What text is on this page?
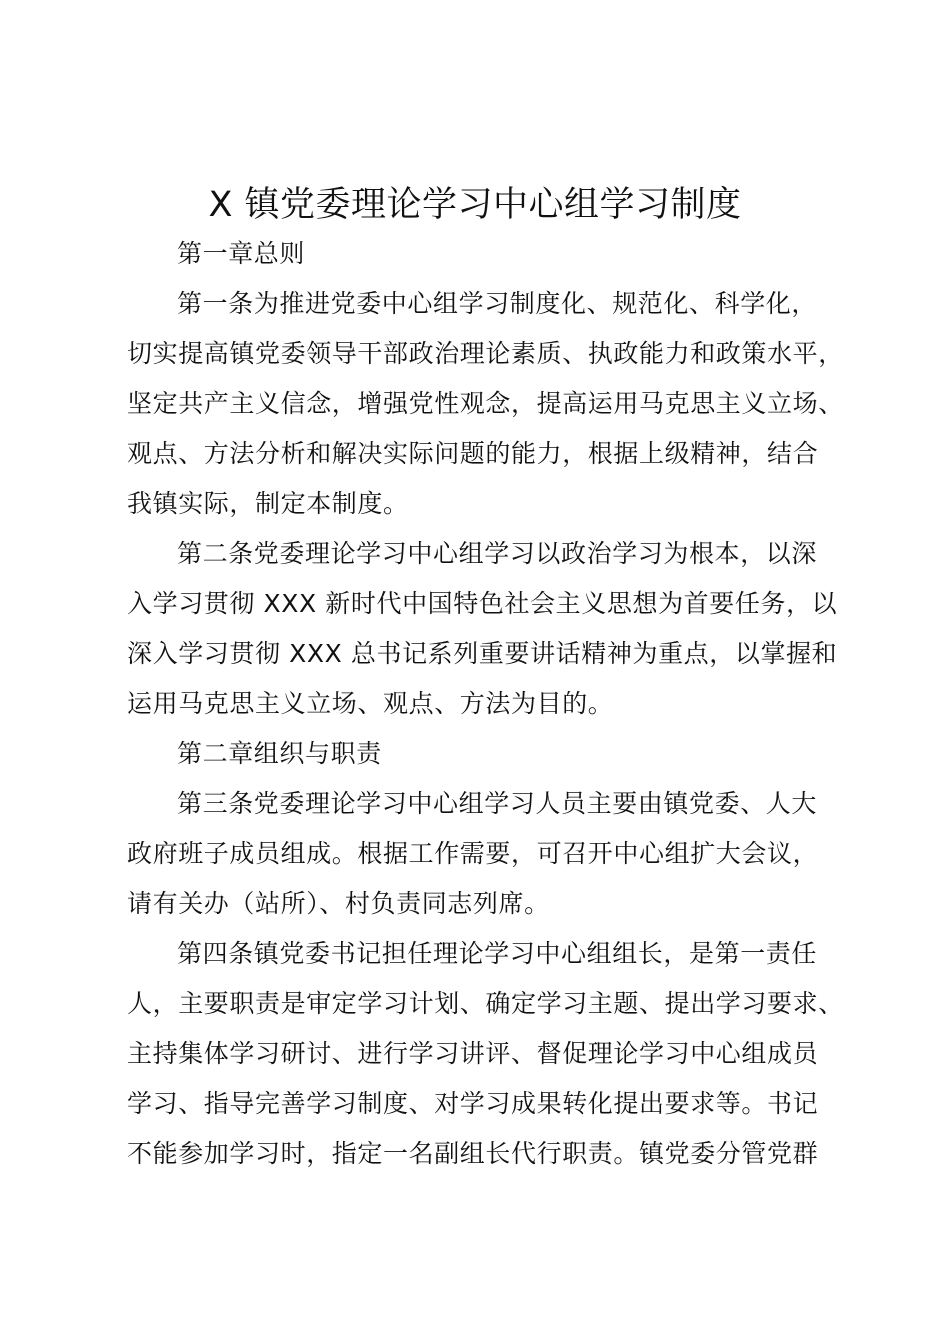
X 镇党委理论学习中心组学习制度
第一章总则
第一条为推进党委中心组学习制度化、规范化、科学化，
切实提高镇党委领导干部政治理论素质、执政能力和政策水平，
坚定共产主义信念，增强党性观念，提高运用马克思主义立场、
观点、方法分析和解决实际问题的能力，根据上级精神，结合
我镇实际，制定本制度。
第二条党委理论学习中心组学习以政治学习为根本，以深
入学习贯彻 XXX 新时代中国特色社会主义思想为首要任务，以
深入学习贯彻 XXX 总书记系列重要讲话精神为重点，以掌握和
运用马克思主义立场、观点、方法为目的。
第二章组织与职责
第三条党委理论学习中心组学习人员主要由镇党委、人大
政府班子成员组成。根据工作需要，可召开中心组扩大会议，
请有关办（站所）、村负责同志列席。
第四条镇党委书记担任理论学习中心组组长，是第一责任
人，主要职责是审定学习计划、确定学习主题、提出学习要求、
主持集体学习研讨、进行学习讲评、督促理论学习中心组成员
学习、指导完善学习制度、对学习成果转化提出要求等。书记
不能参加学习时，指定一名副组长代行职责。镇党委分管党群
